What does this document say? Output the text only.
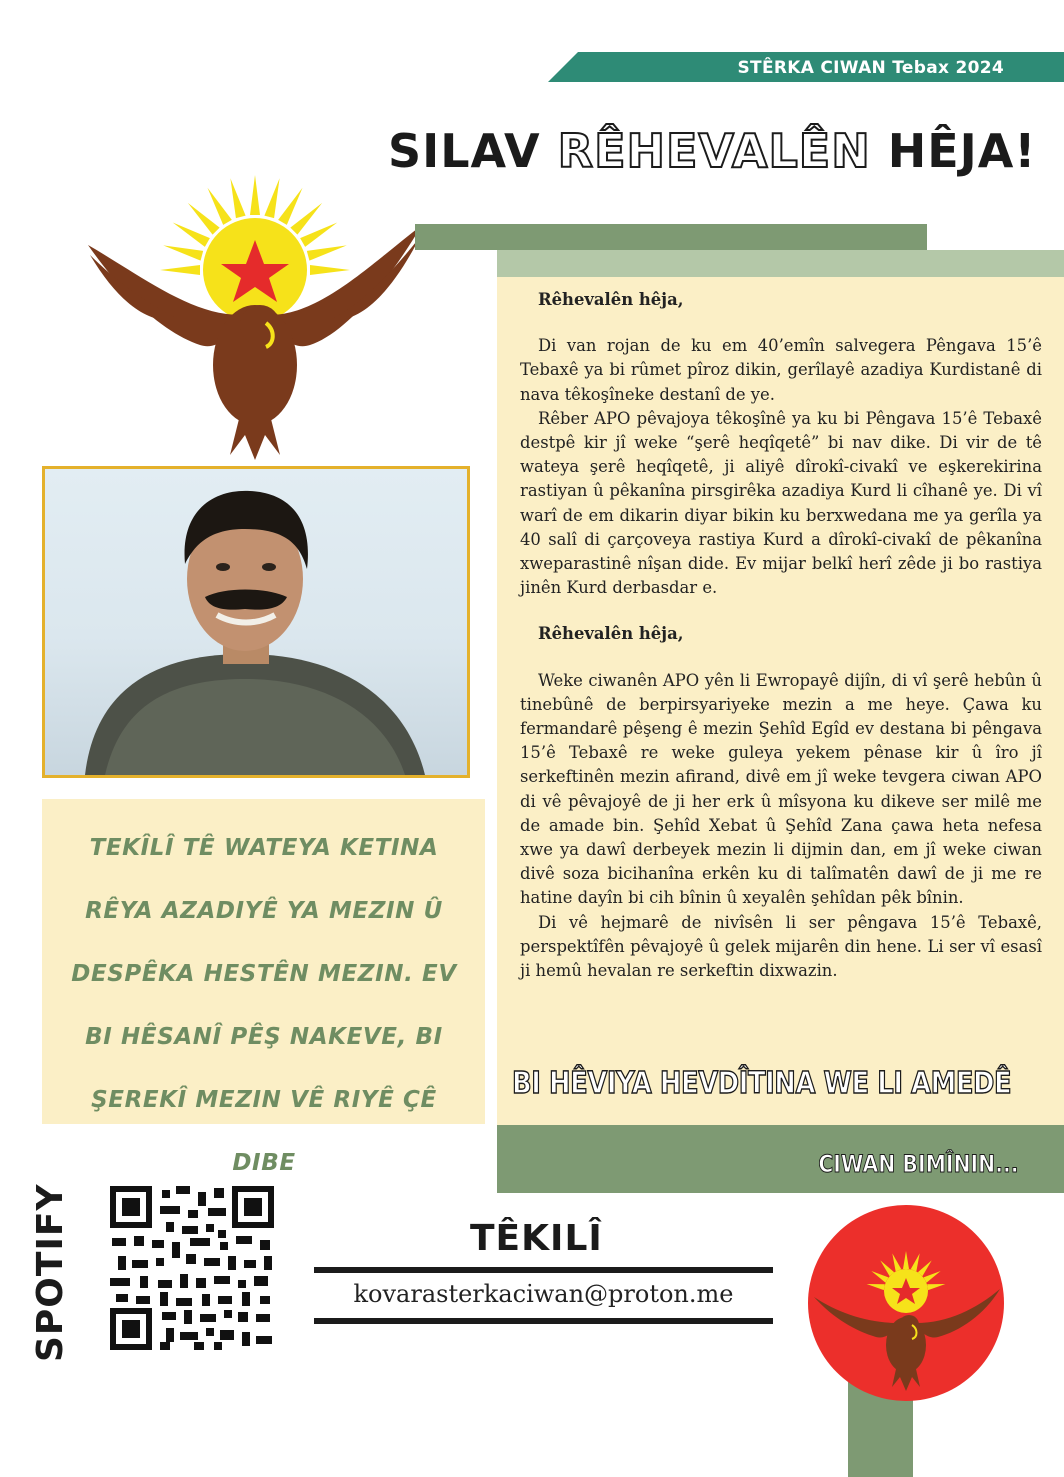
STÊRKA CIWAN Tebax 2024
SILAV RÊHEVALÊN HÊJA!

Rêhevalên hêja,

Di van rojan de ku em 40’emîn salvegera Pêngava 15’ê Tebaxê ya bi rûmet pîroz dikin, gerîlayê azadiya Kurdistanê di nava têkoşîneke destanî de ye.

Rêber APO pêvajoya têkoşînê ya ku bi Pêngava 15’ê Tebaxê destpê kir jî weke “şerê heqîqetê” bi nav dike. Di vir de tê wateya şerê heqîqetê, ji aliyê dîrokî-civakî ve eşkerekirina rastiyan û pêkanîna pirsgirêka azadiya Kurd li cîhanê ye. Di vî warî de em dikarin diyar bikin ku berxwedana me ya gerîla ya 40 salî di çarçoveya rastiya Kurd a dîrokî-civakî de pêkanîna xweparastinê nîşan dide. Ev mijar belkî herî zêde ji bo rastiya jinên Kurd derbasdar e.

Rêhevalên hêja,

Weke ciwanên APO yên li Ewropayê dijîn, di vî şerê hebûn û tinebûnê de berpirsyariyeke mezin a me heye. Çawa ku fermandarê pêşeng ê mezin Şehîd Egîd ev destana bi pêngava 15’ê Tebaxê re weke guleya yekem pênase kir û îro jî serkeftinên mezin afirand, divê em jî weke tevgera ciwan APO di vê pêvajoyê de ji her erk û mîsyona ku dikeve ser milê me de amade bin. Şehîd Xebat û Şehîd Zana çawa heta nefesa xwe ya dawî derbeyek mezin li dijmin dan, em jî weke ciwan divê soza bicihanîna erkên ku di talîmatên dawî de ji me re hatine dayîn bi cih bînin û xeyalên şehîdan pêk bînin.

Di vê hejmarê de nivîsên li ser pêngava 15’ê Tebaxê, perspektîfên pêvajoyê û gelek mijarên din hene. Li ser vî esasî ji hemû hevalan re serkeftin dixwazin.

BI HÊVIYA HEVDÎTINA WE LI AMEDÊ
CIWAN BIMÎNIN...
TEKÎLÎ TÊ WATEYA KETINA RÊYA AZADIYÊ YA MEZIN Û DESPÊKA HESTÊN MEZIN. EV BI HÊSANÎ PÊŞ NAKEVE, BI ŞEREKÎ MEZIN VÊ RIYÊ ÇÊ DIBE
SPOTIFY	TÊKILÎ
kovarasterkaciwan@proton.me
